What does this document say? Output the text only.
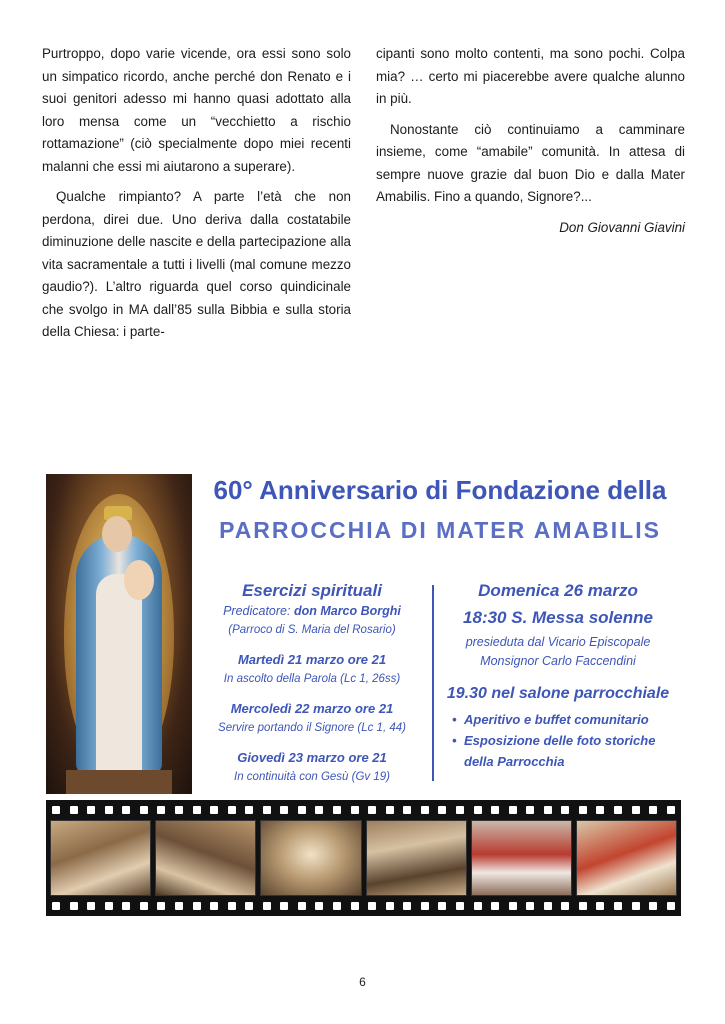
Purtroppo, dopo varie vicende, ora essi sono solo un simpatico ricordo, anche perché don Renato e i suoi genitori adesso mi hanno quasi adottato alla loro mensa come un “vecchietto a rischio rottamazione” (ciò specialmente dopo miei recenti malanni che essi mi aiutarono a superare).

Qualche rimpianto? A parte l’età che non perdona, direi due. Uno deriva dalla costatabile diminuzione delle nascite e della partecipazione alla vita sacramentale a tutti i livelli (mal comune mezzo gaudio?). L’altro riguarda quel corso quindicinale che svolgo in MA dall’85 sulla Bibbia e sulla storia della Chiesa: i parte-

cipanti sono molto contenti, ma sono pochi. Colpa mia? … certo mi piacerebbe avere qualche alunno in più.

Nonostante ciò continuiamo a camminare insieme, come “amabile” comunità. In attesa di sempre nuove grazie dal buon Dio e dalla Mater Amabilis. Fino a quando, Signore?...

Don Giovanni Giavini
60° Anniversario di Fondazione della
PARROCCHIA DI MATER AMABILIS
Esercizi spirituali
Predicatore: don Marco Borghi
(Parroco di S. Maria del Rosario)
Martedì 21 marzo ore 21
In ascolto della Parola (Lc 1, 26ss)
Mercoledì 22 marzo ore 21
Servire portando il Signore (Lc 1, 44)
Giovedì 23 marzo ore 21
In continuità con Gesù (Gv 19)
Domenica 26 marzo
18:30 S. Messa solenne
presieduta dal Vicario Episcopale
Monsignor Carlo Faccendini
19.30 nel salone parrocchiale
• Aperitivo e buffet comunitario
• Esposizione delle foto storiche della Parrocchia
6
